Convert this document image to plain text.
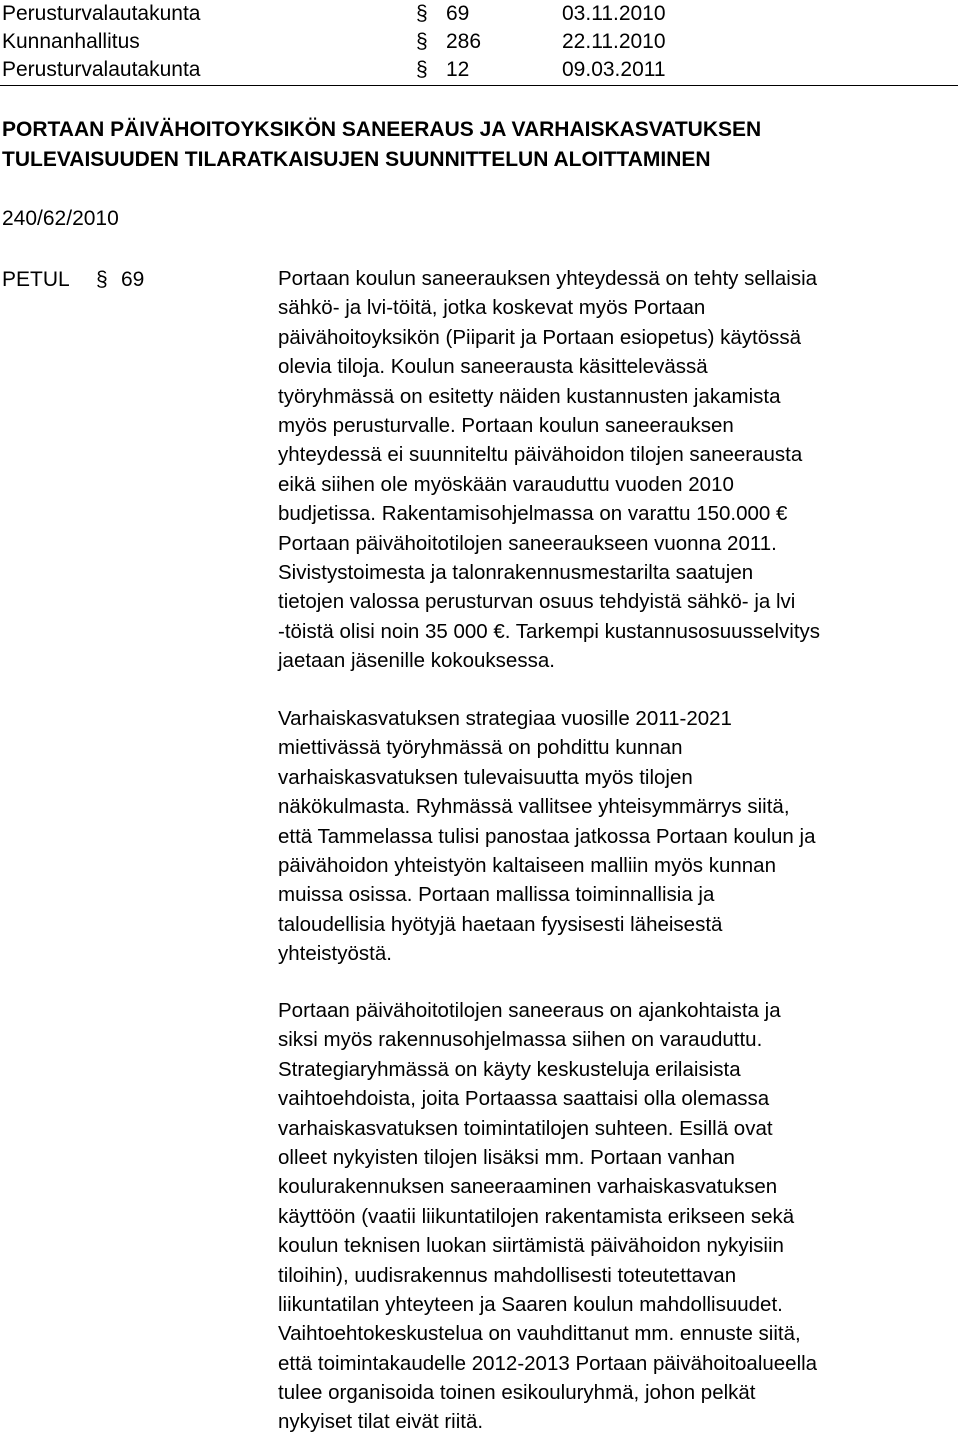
Perusturvalautakunta	§ 69	03.11.2010
Kunnanhallitus	§ 286	22.11.2010
Perusturvalautakunta	§ 12	09.03.2011
PORTAAN PÄIVÄHOITOYKSIKÖN SANEERAUS JA VARHAISKASVATUKSEN
TULEVAISUUDEN TILARATKAISUJEN SUUNNITTELUN ALOITTAMINEN
240/62/2010
PETUL § 69	Portaan koulun saneerauksen yhteydessä on tehty sellaisia
sähkö- ja lvi-töitä, jotka koskevat myös Portaan
päivähoitoyksikön (Piiparit ja Portaan esiopetus) käytössä
olevia tiloja. Koulun saneerausta käsittelevässä
työryhmässä on esitetty näiden kustannusten jakamista
myös perusturvalle. Portaan koulun saneerauksen
yhteydessä ei suunniteltu päivähoidon tilojen saneerausta
eikä siihen ole myöskään varauduttu vuoden 2010
budjetissa. Rakentamisohjelmassa on varattu 150.000 €
Portaan päivähoitotilojen saneeraukseen vuonna 2011.
Sivistystoimesta ja talonrakennusmestarilta saatujen
tietojen valossa perusturvan osuus tehdyistä sähkö- ja lvi
-töistä olisi noin 35 000 €. Tarkempi kustannusosuusselvitys
jaetaan jäsenille kokouksessa.
Varhaiskasvatuksen strategiaa vuosille 2011-2021
miettivässä työryhmässä on pohdittu kunnan
varhaiskasvatuksen tulevaisuutta myös tilojen
näkökulmasta. Ryhmässä vallitsee yhteisymmärrys siitä,
että Tammelassa tulisi panostaa jatkossa Portaan koulun ja
päivähoidon yhteistyön kaltaiseen malliin myös kunnan
muissa osissa. Portaan mallissa toiminnallisia ja
taloudellisia hyötyjä haetaan fyysisesti läheisestä
yhteistyöstä.
Portaan päivähoitotilojen saneeraus on ajankohtaista ja
siksi myös rakennusohjelmassa siihen on varauduttu.
Strategiaryhmässä on käyty keskusteluja erilaisista
vaihtoehdoista, joita Portaassa saattaisi olla olemassa
varhaiskasvatuksen toimintatilojen suhteen. Esillä ovat
olleet nykyisten tilojen lisäksi mm. Portaan vanhan
koulurakennuksen saneeraaminen varhaiskasvatuksen
käyttöön (vaatii liikuntatilojen rakentamista erikseen sekä
koulun teknisen luokan siirtämistä päivähoidon nykyisiin
tiloihin), uudisrakennus mahdollisesti toteutettavan
liikuntatilan yhteyteen ja Saaren koulun mahdollisuudet.
Vaihtoehtokeskustelua on vauhdittanut mm. ennuste siitä,
että toimintakaudelle 2012-2013 Portaan päivähoitoalueella
tulee organisoida toinen esikouluryhmä, johon pelkät
nykyiset tilat eivät riitä.
